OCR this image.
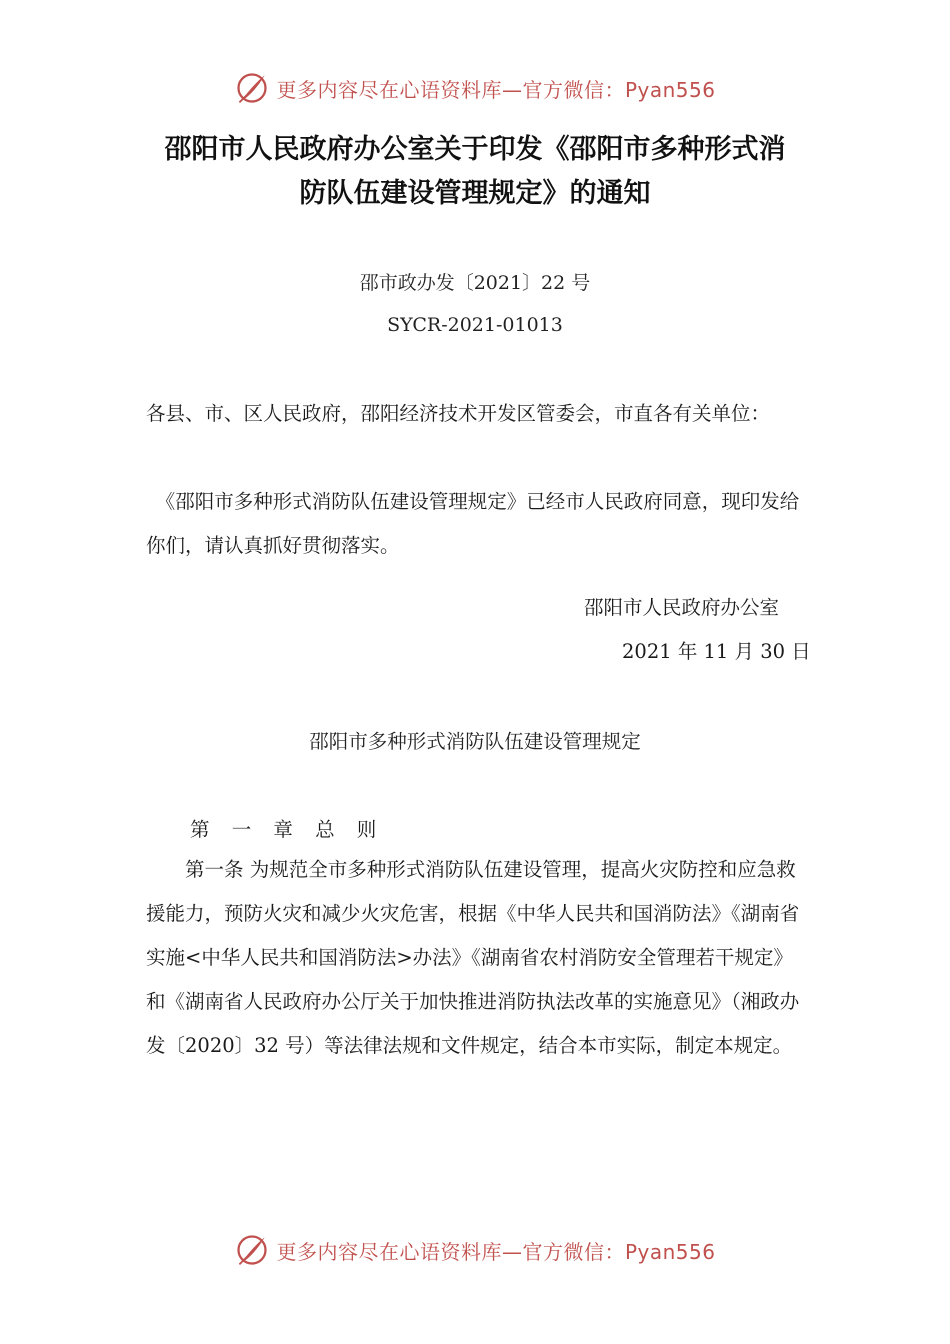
更多内容尽在心语资料库—官方微信：Pyan556
邵阳市人民政府办公室关于印发《邵阳市多种形式消
防队伍建设管理规定》的通知
邵市政办发〔2021〕22 号
SYCR-2021-01013

各县、市、区人民政府，邵阳经济技术开发区管委会，市直各有关单位：

　《邵阳市多种形式消防队伍建设管理规定》已经市人民政府同意，现印发给你们，请认真抓好贯彻落实。

邵阳市人民政府办公室
2021 年 11 月 30 日
邵阳市多种形式消防队伍建设管理规定
第 一 章 总 则

　　第一条 为规范全市多种形式消防队伍建设管理，提高火灾防控和应急救援能力，预防火灾和减少火灾危害，根据《中华人民共和国消防法》《湖南省实施<中华人民共和国消防法>办法》《湖南省农村消防安全管理若干规定》和《湖南省人民政府办公厅关于加快推进消防执法改革的实施意见》（湘政办发〔2020〕32 号）等法律法规和文件规定，结合本市实际，制定本规定。

更多内容尽在心语资料库—官方微信：Pyan556
